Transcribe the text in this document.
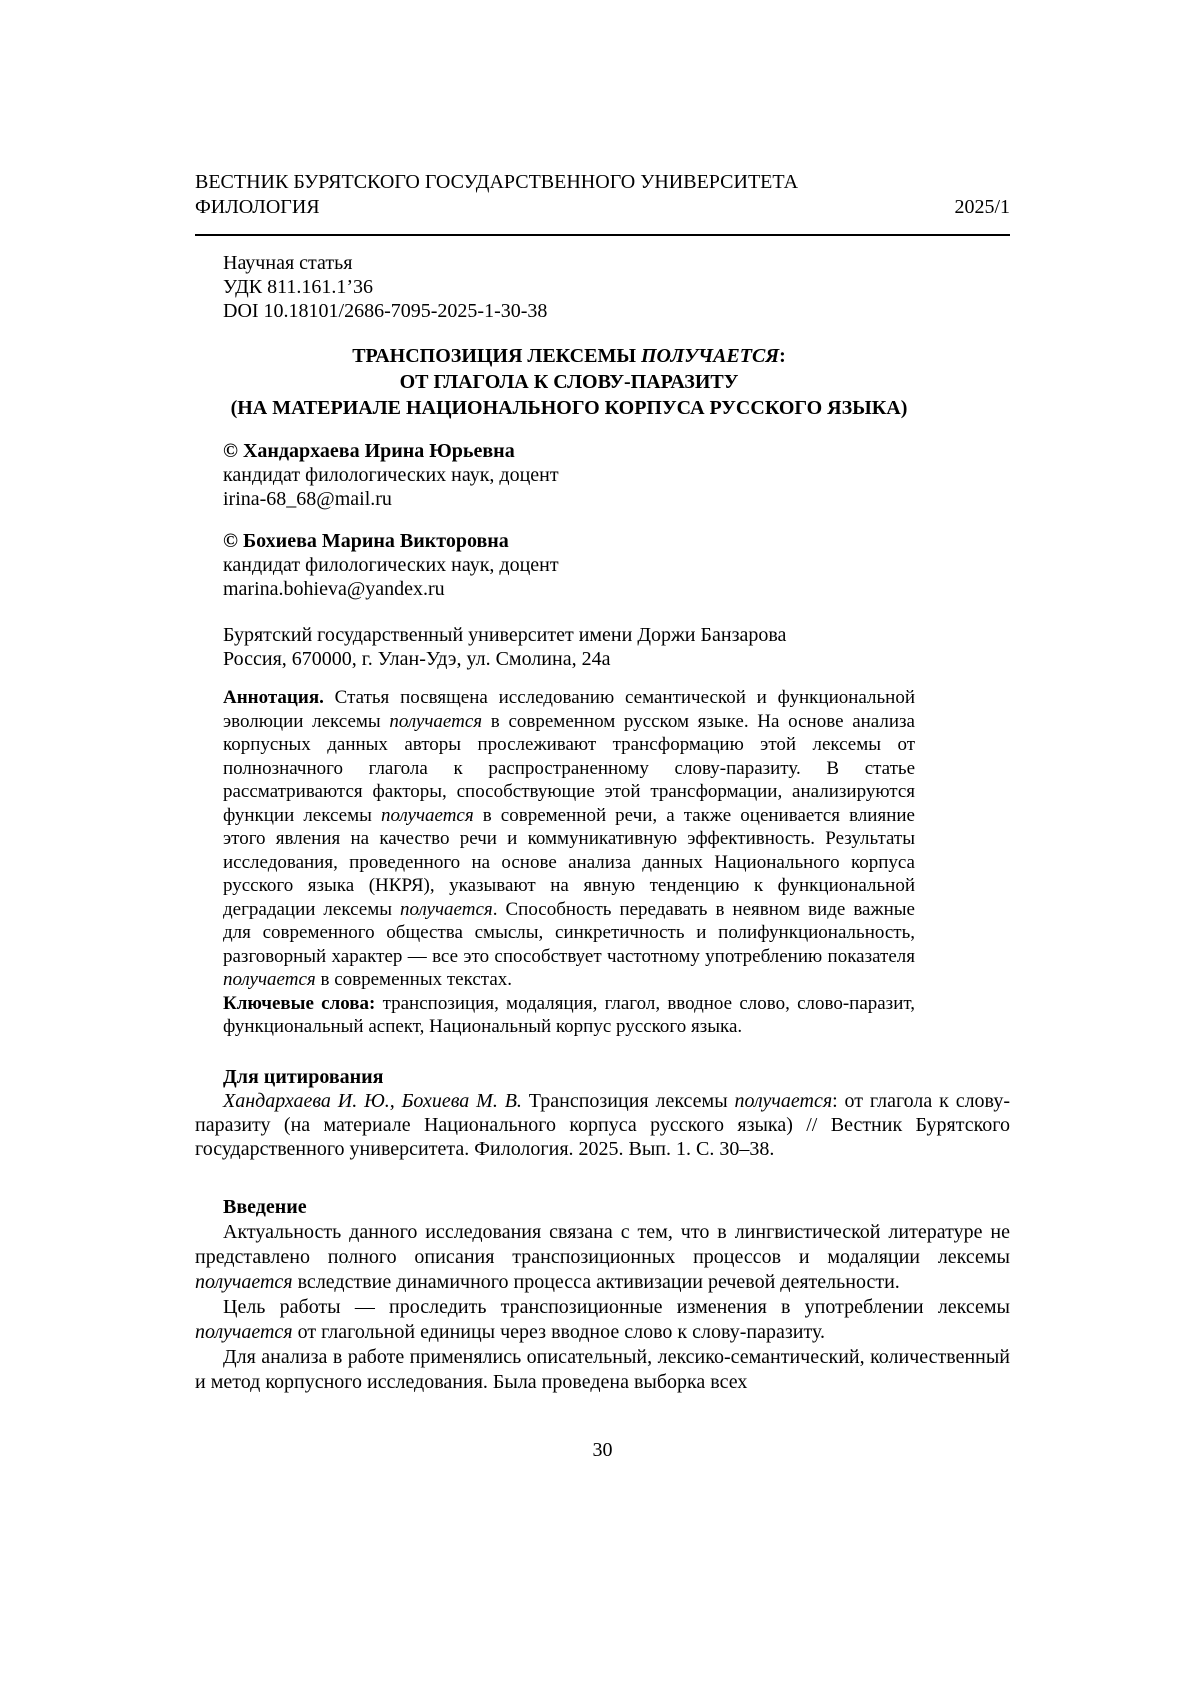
ВЕСТНИК БУРЯТСКОГО ГОСУДАРСТВЕННОГО УНИВЕРСИТЕТА
ФИЛОЛОГИЯ	2025/1
Научная статья
УДК 811.161.1’36
DOI 10.18101/2686-7095-2025-1-30-38
ТРАНСПОЗИЦИЯ ЛЕКСЕМЫ ПОЛУЧАЕТСЯ:
ОТ ГЛАГОЛА К СЛОВУ-ПАРАЗИТУ
(НА МАТЕРИАЛЕ НАЦИОНАЛЬНОГО КОРПУСА РУССКОГО ЯЗЫКА)
© Хандархаева Ирина Юрьевна
кандидат филологических наук, доцент
irina-68_68@mail.ru
© Бохиева Марина Викторовна
кандидат филологических наук, доцент
marina.bohieva@yandex.ru
Бурятский государственный университет имени Доржи Банзарова
Россия, 670000, г. Улан-Удэ, ул. Смолина, 24а
Аннотация. Статья посвящена исследованию семантической и функциональной эволюции лексемы получается в современном русском языке. На основе анализа корпусных данных авторы прослеживают трансформацию этой лексемы от полнозначного глагола к распространенному слову-паразиту. В статье рассматриваются факторы, способствующие этой трансформации, анализируются функции лексемы получается в современной речи, а также оценивается влияние этого явления на качество речи и коммуникативную эффективность. Результаты исследования, проведенного на основе анализа данных Национального корпуса русского языка (НКРЯ), указывают на явную тенденцию к функциональной деградации лексемы получается. Способность передавать в неявном виде важные для современного общества смыслы, синкретичность и полифункциональность, разговорный характер — все это способствует частотному употреблению показателя получается в современных текстах.
Ключевые слова: транспозиция, модаляция, глагол, вводное слово, слово-паразит, функциональный аспект, Национальный корпус русского языка.
Для цитирования
Хандархаева И. Ю., Бохиева М. В. Транспозиция лексемы получается: от глагола к слову-паразиту (на материале Национального корпуса русского языка) // Вестник Бурятского государственного университета. Филология. 2025. Вып. 1. С. 30–38.
Введение

Актуальность данного исследования связана с тем, что в лингвистической литературе не представлено полного описания транспозиционных процессов и модаляции лексемы получается вследствие динамичного процесса активизации речевой деятельности.

Цель работы — проследить транспозиционные изменения в употреблении лексемы получается от глагольной единицы через вводное слово к слову-паразиту.

Для анализа в работе применялись описательный, лексико-семантический, количественный и метод корпусного исследования. Была проведена выборка всех

30
